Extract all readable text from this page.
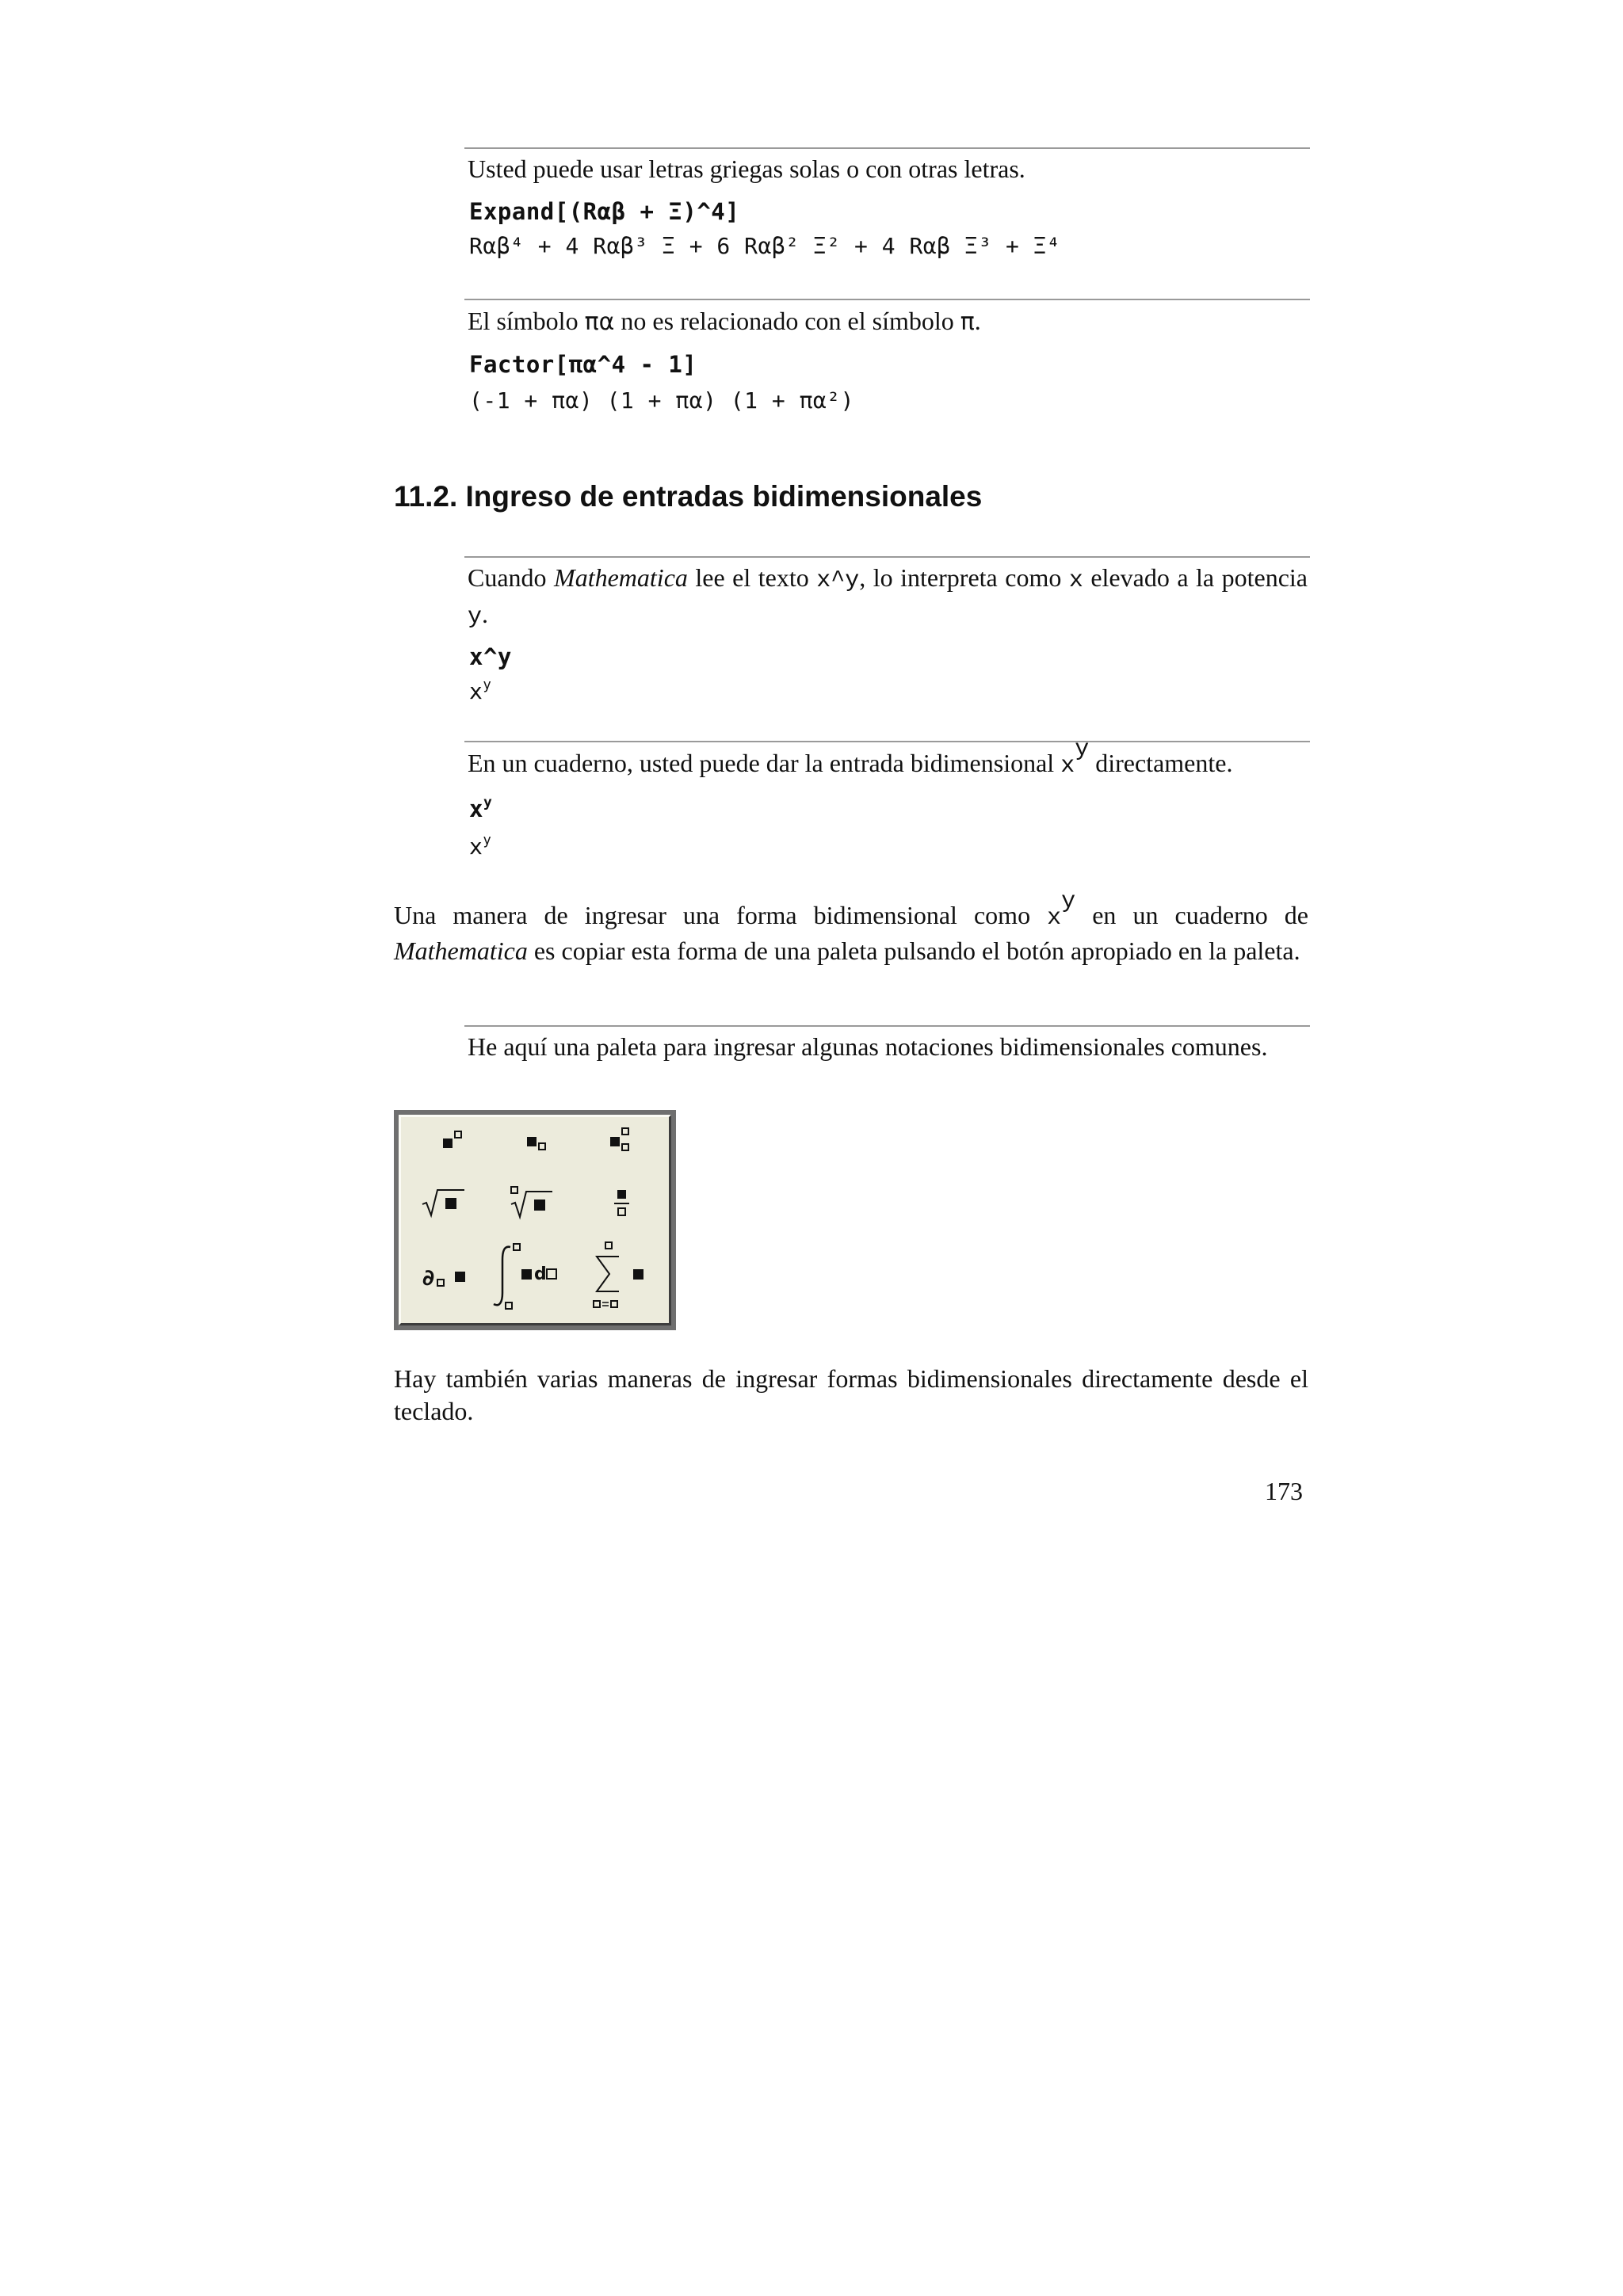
Usted puede usar letras griegas solas o con otras letras.
Expand[(Rαβ + Ξ)^4]
Rαβ⁴ + 4 Rαβ³ Ξ + 6 Rαβ² Ξ² + 4 Rαβ Ξ³ + Ξ⁴
El símbolo πα no es relacionado con el símbolo π.
Factor[πα^4 - 1]
(-1 + πα) (1 + πα) (1 + πα²)
11.2. Ingreso de entradas bidimensionales
Cuando Mathematica lee el texto x^y, lo interpreta como x elevado a la potencia y.
x^y
$x^y$
En un cuaderno, usted puede dar la entrada bidimensional $x^y$ directamente.
$x^y$
$x^y$
Una manera de ingresar una forma bidimensional como $x^y$ en un cuaderno de Mathematica es copiar esta forma de una paleta pulsando el botón apropiado en la paleta.
He aquí una paleta para ingresar algunas notaciones bidimensionales comunes.
∂	d
Hay también varias maneras de ingresar formas bidimensionales directamente desde el teclado.
173
